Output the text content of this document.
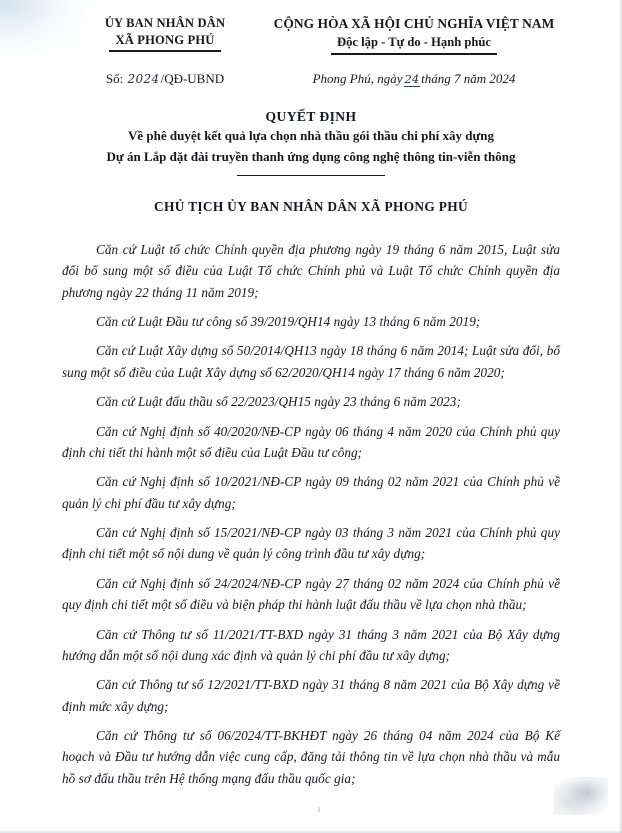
ỦY BAN NHÂN DÂN
XÃ PHONG PHÚ
CỘNG HÒA XÃ HỘI CHỦ NGHĨA VIỆT NAM
Độc lập - Tự do - Hạnh phúc
Số: 2024/QĐ-UBND	Phong Phú, ngày 24 tháng 7 năm 2024
QUYẾT ĐỊNH
Về phê duyệt kết quả lựa chọn nhà thầu gói thầu chi phí xây dựng
Dự án Lắp đặt đài truyền thanh ứng dụng công nghệ thông tin-viễn thông
CHỦ TỊCH ỦY BAN NHÂN DÂN XÃ PHONG PHÚ

Căn cứ Luật tổ chức Chính quyền địa phương ngày 19 tháng 6 năm 2015, Luật sửa đổi bổ sung một số điều của Luật Tổ chức Chính phủ và Luật Tổ chức Chính quyền địa phương ngày 22 tháng 11 năm 2019;

Căn cứ Luật Đầu tư công số 39/2019/QH14 ngày 13 tháng 6 năm 2019;

Căn cứ Luật Xây dựng số 50/2014/QH13 ngày 18 tháng 6 năm 2014; Luật sửa đổi, bổ sung một số điều của Luật Xây dựng số 62/2020/QH14 ngày 17 tháng 6 năm 2020;

Căn cứ Luật đấu thầu số 22/2023/QH15 ngày 23 tháng 6 năm 2023;

Căn cứ Nghị định số 40/2020/NĐ-CP ngày 06 tháng 4 năm 2020 của Chính phủ quy định chi tiết thi hành một số điều của Luật Đầu tư công;

Căn cứ Nghị định số 10/2021/NĐ-CP ngày 09 tháng 02 năm 2021 của Chính phủ về quản lý chi phí đầu tư xây dựng;

Căn cứ Nghị định số 15/2021/NĐ-CP ngày 03 tháng 3 năm 2021 của Chính phủ quy định chi tiết một số nội dung về quản lý công trình đầu tư xây dựng;

Căn cứ Nghị định số 24/2024/NĐ-CP ngày 27 tháng 02 năm 2024 của Chính phủ về quy định chi tiết một số điều và biện pháp thi hành luật đấu thầu về lựa chọn nhà thầu;

Căn cứ Thông tư số 11/2021/TT-BXD ngày 31 tháng 3 năm 2021 của Bộ Xây dựng hướng dẫn một số nội dung xác định và quản lý chi phí đầu tư xây dựng;

Căn cứ Thông tư số 12/2021/TT-BXD ngày 31 tháng 8 năm 2021 của Bộ Xây dựng về định mức xây dựng;

Căn cứ Thông tư số 06/2024/TT-BKHĐT ngày 26 tháng 04 năm 2024 của Bộ Kế hoạch và Đầu tư hướng dẫn việc cung cấp, đăng tải thông tin về lựa chọn nhà thầu và mẫu hồ sơ đấu thầu trên Hệ thống mạng đấu thầu quốc gia;
